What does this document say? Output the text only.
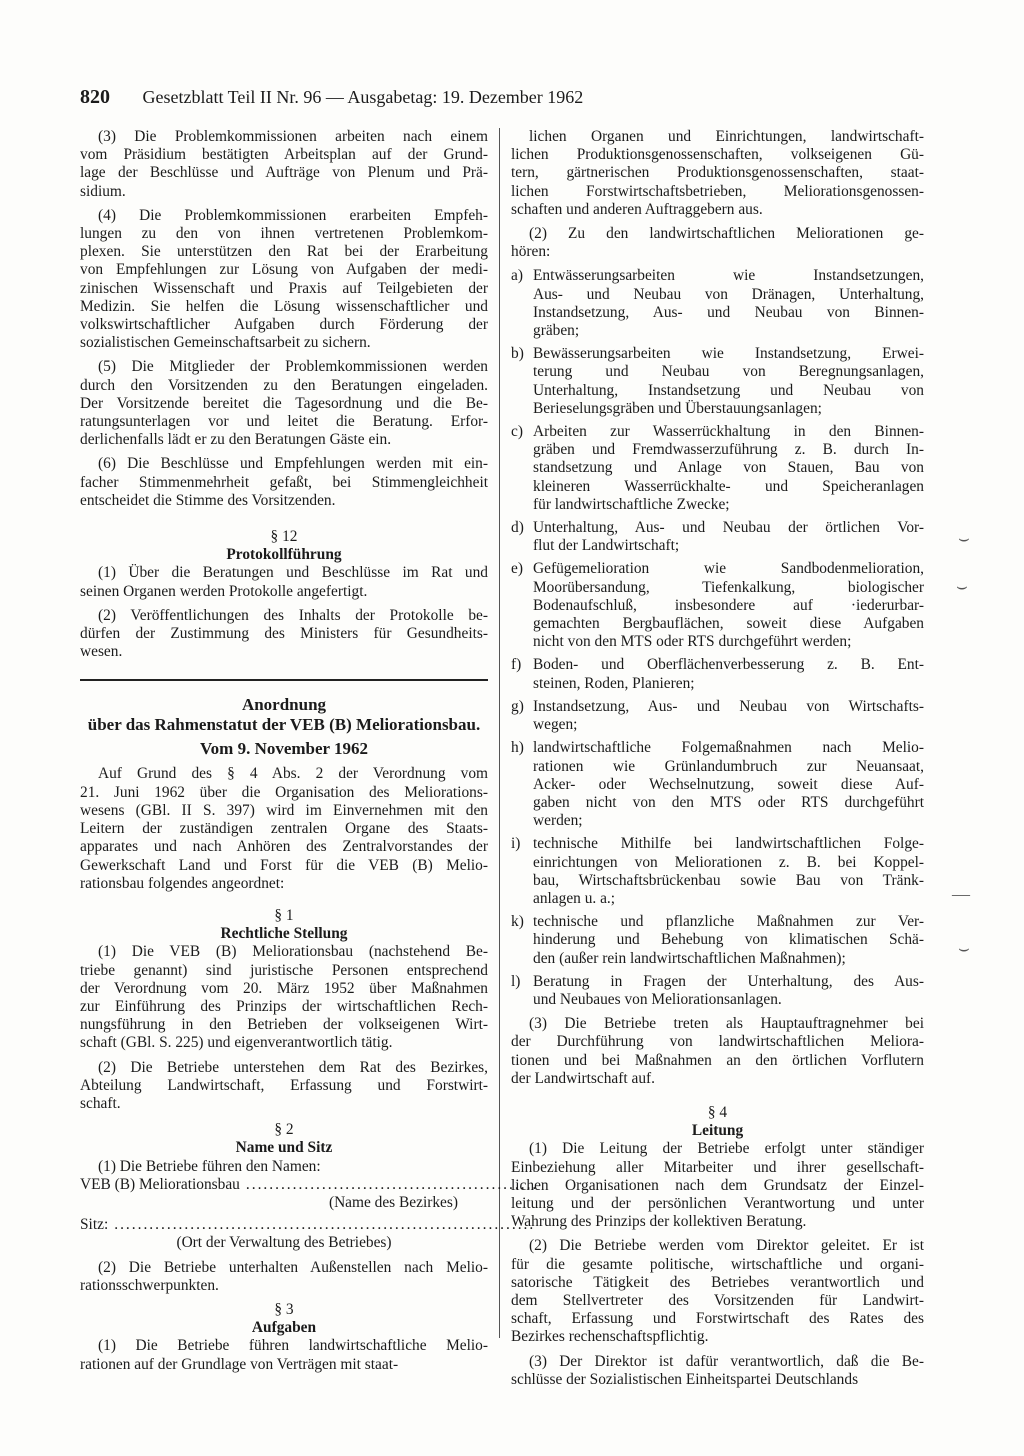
820 Gesetzblatt Teil II Nr. 96 — Ausgabetag: 19. Dezember 1962
(3) Die Problemkommissionen arbeiten nach einem
vom Präsidium bestätigten Arbeitsplan auf der Grund-
lage der Beschlüsse und Aufträge von Plenum und Prä-
sidium.
(4) Die Problemkommissionen erarbeiten Empfeh-
lungen zu den von ihnen vertretenen Problemkom-
plexen. Sie unterstützen den Rat bei der Erarbeitung
von Empfehlungen zur Lösung von Aufgaben der medi-
zinischen Wissenschaft und Praxis auf Teilgebieten der
Medizin. Sie helfen die Lösung wissenschaftlicher und
volkswirtschaftlicher Aufgaben durch Förderung der
sozialistischen Gemeinschaftsarbeit zu sichern.
(5) Die Mitglieder der Problemkommissionen werden
durch den Vorsitzenden zu den Beratungen eingeladen.
Der Vorsitzende bereitet die Tagesordnung und die Be-
ratungsunterlagen vor und leitet die Beratung. Erfor-
derlichenfalls lädt er zu den Beratungen Gäste ein.
(6) Die Beschlüsse und Empfehlungen werden mit ein-
facher Stimmenmehrheit gefaßt, bei Stimmengleichheit
entscheidet die Stimme des Vorsitzenden.
§ 12
Protokollführung
(1) Über die Beratungen und Beschlüsse im Rat und
seinen Organen werden Protokolle angefertigt.
(2) Veröffentlichungen des Inhalts der Protokolle be-
dürfen der Zustimmung des Ministers für Gesundheits-
wesen.
Anordnung
über das Rahmenstatut der VEB (B) Meliorationsbau.
Vom 9. November 1962
Auf Grund des § 4 Abs. 2 der Verordnung vom
21. Juni 1962 über die Organisation des Meliorations-
wesens (GBl. II S. 397) wird im Einvernehmen mit den
Leitern der zuständigen zentralen Organe des Staats-
apparates und nach Anhören des Zentralvorstandes der
Gewerkschaft Land und Forst für die VEB (B) Melio-
rationsbau folgendes angeordnet:
§ 1
Rechtliche Stellung
(1) Die VEB (B) Meliorationsbau (nachstehend Be-
triebe genannt) sind juristische Personen entsprechend
der Verordnung vom 20. März 1952 über Maßnahmen
zur Einführung des Prinzips der wirtschaftlichen Rech-
nungsführung in den Betrieben der volkseigenen Wirt-
schaft (GBl. S. 225) und eigenverantwortlich tätig.
(2) Die Betriebe unterstehen dem Rat des Bezirkes,
Abteilung Landwirtschaft, Erfassung und Forstwirt-
schaft.
§ 2
Name und Sitz
(1) Die Betriebe führen den Namen:
VEB (B) Meliorationsbau ..................................................
(Name des Bezirkes)
Sitz: ........................................................................
(Ort der Verwaltung des Betriebes)
(2) Die Betriebe unterhalten Außenstellen nach Melio-
rationsschwerpunkten.
§ 3
Aufgaben
(1) Die Betriebe führen landwirtschaftliche Melio-
rationen auf der Grundlage von Verträgen mit staat-
lichen Organen und Einrichtungen, landwirtschaft-
lichen Produktionsgenossenschaften, volkseigenen Gü-
tern, gärtnerischen Produktionsgenossenschaften, staat-
lichen Forstwirtschaftsbetrieben, Meliorationsgenossen-
schaften und anderen Auftraggebern aus.
(2) Zu den landwirtschaftlichen Meliorationen ge-
hören:
a) Entwässerungsarbeiten wie Instandsetzungen,
Aus- und Neubau von Dränagen, Unterhaltung,
Instandsetzung, Aus- und Neubau von Binnen-
gräben;
b) Bewässerungsarbeiten wie Instandsetzung, Erwei-
terung und Neubau von Beregnungsanlagen,
Unterhaltung, Instandsetzung und Neubau von
Berieselungsgräben und Überstauungsanlagen;
c) Arbeiten zur Wasserrückhaltung in den Binnen-
gräben und Fremdwasserzuführung z. B. durch In-
standsetzung und Anlage von Stauen, Bau von
kleineren Wasserrückhalte- und Speicheranlagen
für landwirtschaftliche Zwecke;
d) Unterhaltung, Aus- und Neubau der örtlichen Vor-
flut der Landwirtschaft;
e) Gefügemelioration wie Sandbodenmelioration,
Moorübersandung, Tiefenkalkung, biologischer
Bodenaufschluß, insbesondere auf ·iederurbar-
gemachten Bergbauflächen, soweit diese Aufgaben
nicht von den MTS oder RTS durchgeführt werden;
f) Boden- und Oberflächenverbesserung z. B. Ent-
steinen, Roden, Planieren;
g) Instandsetzung, Aus- und Neubau von Wirtschafts-
wegen;
h) landwirtschaftliche Folgemaßnahmen nach Melio-
rationen wie Grünlandumbruch zur Neuansaat,
Acker- oder Wechselnutzung, soweit diese Auf-
gaben nicht von den MTS oder RTS durchgeführt
werden;
i) technische Mithilfe bei landwirtschaftlichen Folge-
einrichtungen von Meliorationen z. B. bei Koppel-
bau, Wirtschaftsbrückenbau sowie Bau von Tränk-
anlagen u. a.;
k) technische und pflanzliche Maßnahmen zur Ver-
hinderung und Behebung von klimatischen Schä-
den (außer rein landwirtschaftlichen Maßnahmen);
l) Beratung in Fragen der Unterhaltung, des Aus-
und Neubaues von Meliorationsanlagen.
(3) Die Betriebe treten als Hauptauftragnehmer bei
der Durchführung von landwirtschaftlichen Meliora-
tionen und bei Maßnahmen an den örtlichen Vorflutern
der Landwirtschaft auf.
§ 4
Leitung
(1) Die Leitung der Betriebe erfolgt unter ständiger
Einbeziehung aller Mitarbeiter und ihrer gesellschaft-
lichen Organisationen nach dem Grundsatz der Einzel-
leitung und der persönlichen Verantwortung und unter
Wahrung des Prinzips der kollektiven Beratung.
(2) Die Betriebe werden vom Direktor geleitet. Er ist
für die gesamte politische, wirtschaftliche und organi-
satorische Tätigkeit des Betriebes verantwortlich und
dem Stellvertreter des Vorsitzenden für Landwirt-
schaft, Erfassung und Forstwirtschaft des Rates des
Bezirkes rechenschaftspflichtig.
(3) Der Direktor ist dafür verantwortlich, daß die Be-
schlüsse der Sozialistischen Einheitspartei Deutschlands
⌣
⌣
—
⌣
